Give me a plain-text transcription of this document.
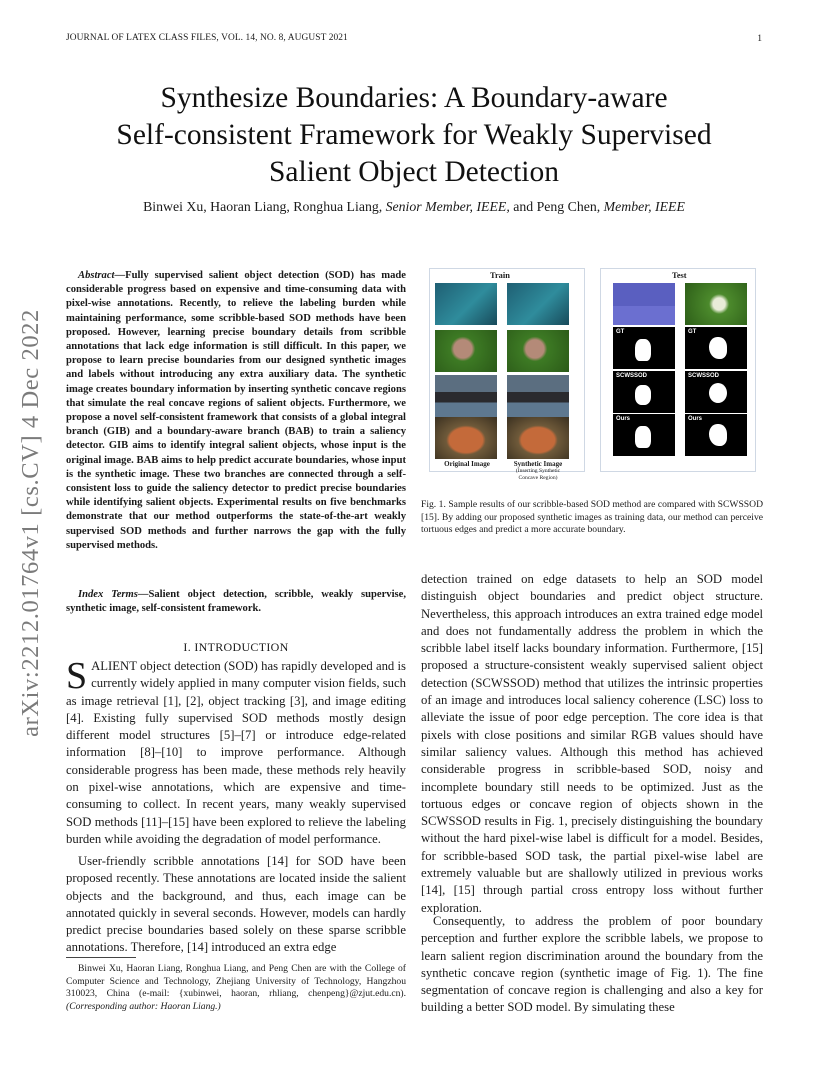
JOURNAL OF LATEX CLASS FILES, VOL. 14, NO. 8, AUGUST 2021	1
arXiv:2212.01764v1 [cs.CV] 4 Dec 2022
Synthesize Boundaries: A Boundary-aware
Self-consistent Framework for Weakly Supervised
Salient Object Detection
Binwei Xu, Haoran Liang, Ronghua Liang, Senior Member, IEEE, and Peng Chen, Member, IEEE
Abstract—Fully supervised salient object detection (SOD) has made considerable progress based on expensive and time-consuming data with pixel-wise annotations. Recently, to relieve the labeling burden while maintaining performance, some scribble-based SOD methods have been proposed. However, learning precise boundary details from scribble annotations that lack edge information is still difficult. In this paper, we propose to learn precise boundaries from our designed synthetic images and labels without introducing any extra auxiliary data. The synthetic image creates boundary information by inserting synthetic concave regions that simulate the real concave regions of salient objects. Furthermore, we propose a novel self-consistent framework that consists of a global integral branch (GIB) and a boundary-aware branch (BAB) to train a saliency detector. GIB aims to identify integral salient objects, whose input is the original image. BAB aims to help predict accurate boundaries, whose input is the synthetic image. These two branches are connected through a self-consistent loss to guide the saliency detector to predict precise boundaries while identifying salient objects. Experimental results on five benchmarks demonstrate that our method outperforms the state-of-the-art weakly supervised SOD methods and further narrows the gap with the fully supervised methods.
Index Terms—Salient object detection, scribble, weakly supervise, synthetic image, self-consistent framework.
I. INTRODUCTION
SALIENT object detection (SOD) has rapidly developed and is currently widely applied in many computer vision fields, such as image retrieval [1], [2], object tracking [3], and image editing [4]. Existing fully supervised SOD methods mostly design different model structures [5]–[7] or introduce edge-related information [8]–[10] to improve performance. Although considerable progress has been made, these methods rely heavily on pixel-wise annotations, which are expensive and time-consuming to collect. In recent years, many weakly supervised SOD methods [11]–[15] have been explored to relieve the labeling burden while avoiding the degradation of model performance.
User-friendly scribble annotations [14] for SOD have been proposed recently. These annotations are located inside the salient objects and the background, and thus, each image can be annotated quickly in several seconds. However, models can hardly predict precise boundaries based solely on these sparse scribble annotations. Therefore, [14] introduced an extra edge
Binwei Xu, Haoran Liang, Ronghua Liang, and Peng Chen are with the College of Computer Science and Technology, Zhejiang University of Technology, Hangzhou 310023, China (e-mail: {xubinwei, haoran, rhliang, chenpeng}@zjut.edu.cn). (Corresponding author: Haoran Liang.)
Train	Test
Original Image	Synthetic Image
(Inserting Synthetic
Concave Region)
GT	GT
SCWSSOD	SCWSSOD
Ours	Ours
Fig. 1. Sample results of our scribble-based SOD method are compared with SCWSSOD [15]. By adding our proposed synthetic images as training data, our method can perceive tortuous edges and predict a more accurate boundary.
detection trained on edge datasets to help an SOD model distinguish object boundaries and predict object structure. Nevertheless, this approach introduces an extra trained edge model and does not fundamentally address the problem in which the scribble label itself lacks boundary information. Furthermore, [15] proposed a structure-consistent weakly supervised salient object detection (SCWSSOD) method that utilizes the intrinsic properties of an image and introduces local saliency coherence (LSC) loss to alleviate the issue of poor edge perception. The core idea is that pixels with close positions and similar RGB values should have similar saliency values. Although this method has achieved considerable progress in scribble-based SOD, noisy and incomplete boundary still needs to be optimized. Just as the tortuous edges or concave region of objects shown in the SCWSSOD results in Fig. 1, precisely distinguishing the boundary without the hard pixel-wise label is difficult for a model. Besides, for scribble-based SOD task, the partial pixel-wise label are extremely valuable but are shallowly utilized in previous works [14], [15] through partial cross entropy loss without further exploration.
Consequently, to address the problem of poor boundary perception and further explore the scribble labels, we propose to learn salient region discrimination around the boundary from the synthetic concave region (synthetic image of Fig. 1). The fine segmentation of concave region is challenging and also a key for building a better SOD model. By simulating these
